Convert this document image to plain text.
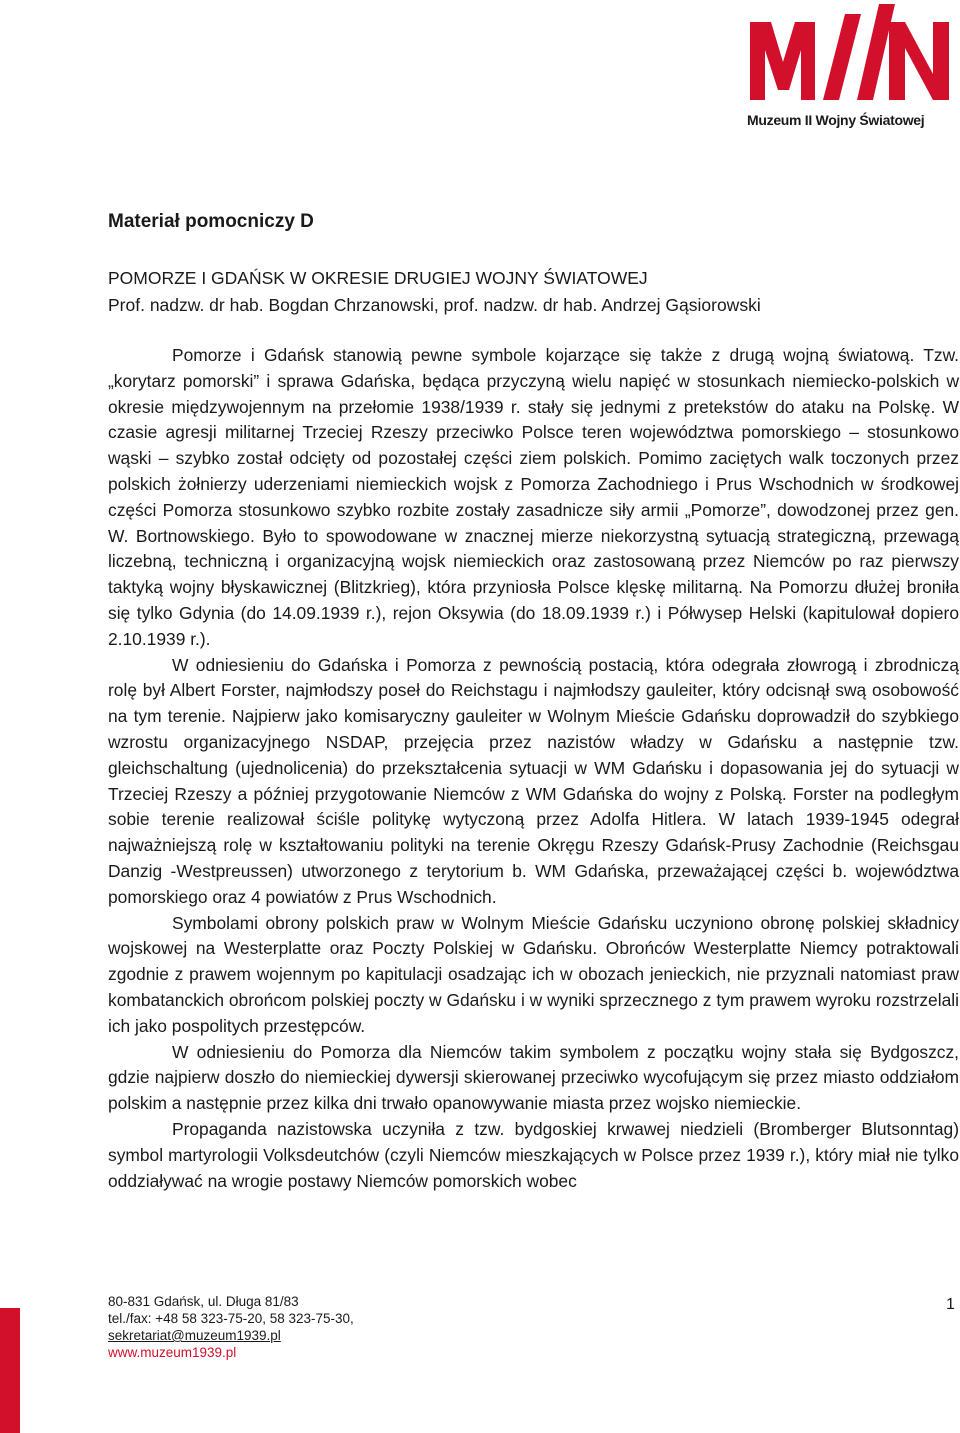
Muzeum II Wojny Światowej
Materiał pomocniczy D
POMORZE I GDAŃSK W OKRESIE DRUGIEJ WOJNY ŚWIATOWEJ
Prof. nadzw. dr hab. Bogdan Chrzanowski, prof. nadzw. dr hab. Andrzej Gąsiorowski

Pomorze i Gdańsk stanowią pewne symbole kojarzące się także z drugą wojną światową. Tzw. „korytarz pomorski” i sprawa Gdańska, będąca przyczyną wielu napięć w stosunkach niemiecko-polskich w okresie międzywojennym na przełomie 1938/1939 r. stały się jednymi z pretekstów do ataku na Polskę. W czasie agresji militarnej Trzeciej Rzeszy przeciwko Polsce teren województwa pomorskiego – stosunkowo wąski – szybko został odcięty od pozostałej części ziem polskich. Pomimo zaciętych walk toczonych przez polskich żołnierzy uderzeniami niemieckich wojsk z Pomorza Zachodniego i Prus Wschodnich w środkowej części Pomorza stosunkowo szybko rozbite zostały zasadnicze siły armii „Pomorze”, dowodzonej przez gen. W. Bortnowskiego. Było to spowodowane w znacznej mierze niekorzystną sytuacją strategiczną, przewagą liczebną, techniczną i organizacyjną wojsk niemieckich oraz zastosowaną przez Niemców po raz pierwszy taktyką wojny błyskawicznej (Blitzkrieg), która przyniosła Polsce klęskę militarną. Na Pomorzu dłużej broniła się tylko Gdynia (do 14.09.1939 r.), rejon Oksywia (do 18.09.1939 r.) i Półwysep Helski (kapitulował dopiero 2.10.1939 r.).

W odniesieniu do Gdańska i Pomorza z pewnością postacią, która odegrała złowrogą i zbrodniczą rolę był Albert Forster, najmłodszy poseł do Reichstagu i najmłodszy gauleiter, który odcisnął swą osobowość na tym terenie. Najpierw jako komisaryczny gauleiter w Wolnym Mieście Gdańsku doprowadził do szybkiego wzrostu organizacyjnego NSDAP, przejęcia przez nazistów władzy w Gdańsku a następnie tzw. gleichschaltung (ujednolicenia) do przekształcenia sytuacji w WM Gdańsku i dopasowania jej do sytuacji w Trzeciej Rzeszy a później przygotowanie Niemców z WM Gdańska do wojny z Polską. Forster na podległym sobie terenie realizował ściśle politykę wytyczoną przez Adolfa Hitlera. W latach 1939-1945 odegrał najważniejszą rolę w kształtowaniu polityki na terenie Okręgu Rzeszy Gdańsk-Prusy Zachodnie (Reichsgau Danzig -Westpreussen) utworzonego z terytorium b. WM Gdańska, przeważającej części b. województwa pomorskiego oraz 4 powiatów z Prus Wschodnich.

Symbolami obrony polskich praw w Wolnym Mieście Gdańsku uczyniono obronę polskiej składnicy wojskowej na Westerplatte oraz Poczty Polskiej w Gdańsku. Obrońców Westerplatte Niemcy potraktowali zgodnie z prawem wojennym po kapitulacji osadzając ich w obozach jenieckich, nie przyznali natomiast praw kombatanckich obrońcom polskiej poczty w Gdańsku i w wyniki sprzecznego z tym prawem wyroku rozstrzelali ich jako pospolitych przestępców.

W odniesieniu do Pomorza dla Niemców takim symbolem z początku wojny stała się Bydgoszcz, gdzie najpierw doszło do niemieckiej dywersji skierowanej przeciwko wycofującym się przez miasto oddziałom polskim a następnie przez kilka dni trwało opanowywanie miasta przez wojsko niemieckie.

Propaganda nazistowska uczyniła z tzw. bydgoskiej krwawej niedzieli (Bromberger Blutsonntag) symbol martyrologii Volksdeutchów (czyli Niemców mieszkających w Polsce przez 1939 r.), który miał nie tylko oddziaływać na wrogie postawy Niemców pomorskich wobec

80-831 Gdańsk, ul. Długa 81/83
tel./fax: +48 58 323-75-20, 58 323-75-30,
sekretariat@muzeum1939.pl
www.muzeum1939.pl
1
